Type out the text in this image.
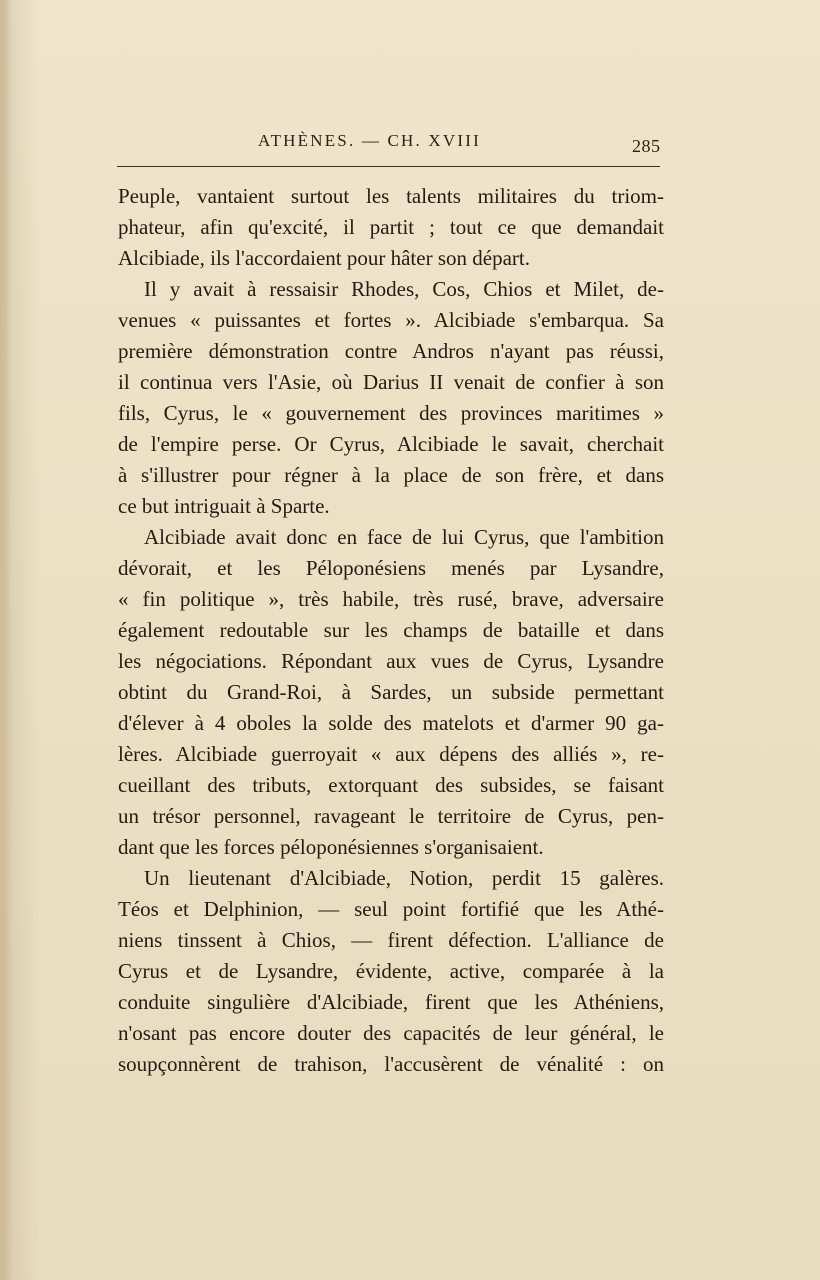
ATHÈNES. — CH. XVIII	285
Peuple, vantaient surtout les talents militaires du triom-
phateur, afin qu'excité, il partit ; tout ce que demandait
Alcibiade, ils l'accordaient pour hâter son départ.
Il y avait à ressaisir Rhodes, Cos, Chios et Milet, de-
venues « puissantes et fortes ». Alcibiade s'embarqua. Sa
première démonstration contre Andros n'ayant pas réussi,
il continua vers l'Asie, où Darius II venait de confier à son
fils, Cyrus, le « gouvernement des provinces maritimes »
de l'empire perse. Or Cyrus, Alcibiade le savait, cherchait
à s'illustrer pour régner à la place de son frère, et dans
ce but intriguait à Sparte.
Alcibiade avait donc en face de lui Cyrus, que l'ambition
dévorait, et les Péloponésiens menés par Lysandre,
« fin politique », très habile, très rusé, brave, adversaire
également redoutable sur les champs de bataille et dans
les négociations. Répondant aux vues de Cyrus, Lysandre
obtint du Grand-Roi, à Sardes, un subside permettant
d'élever à 4 oboles la solde des matelots et d'armer 90 ga-
lères. Alcibiade guerroyait « aux dépens des alliés », re-
cueillant des tributs, extorquant des subsides, se faisant
un trésor personnel, ravageant le territoire de Cyrus, pen-
dant que les forces péloponésiennes s'organisaient.
Un lieutenant d'Alcibiade, Notion, perdit 15 galères.
Téos et Delphinion, — seul point fortifié que les Athé-
niens tinssent à Chios, — firent défection. L'alliance de
Cyrus et de Lysandre, évidente, active, comparée à la
conduite singulière d'Alcibiade, firent que les Athéniens,
n'osant pas encore douter des capacités de leur général, le
soupçonnèrent de trahison, l'accusèrent de vénalité : on
